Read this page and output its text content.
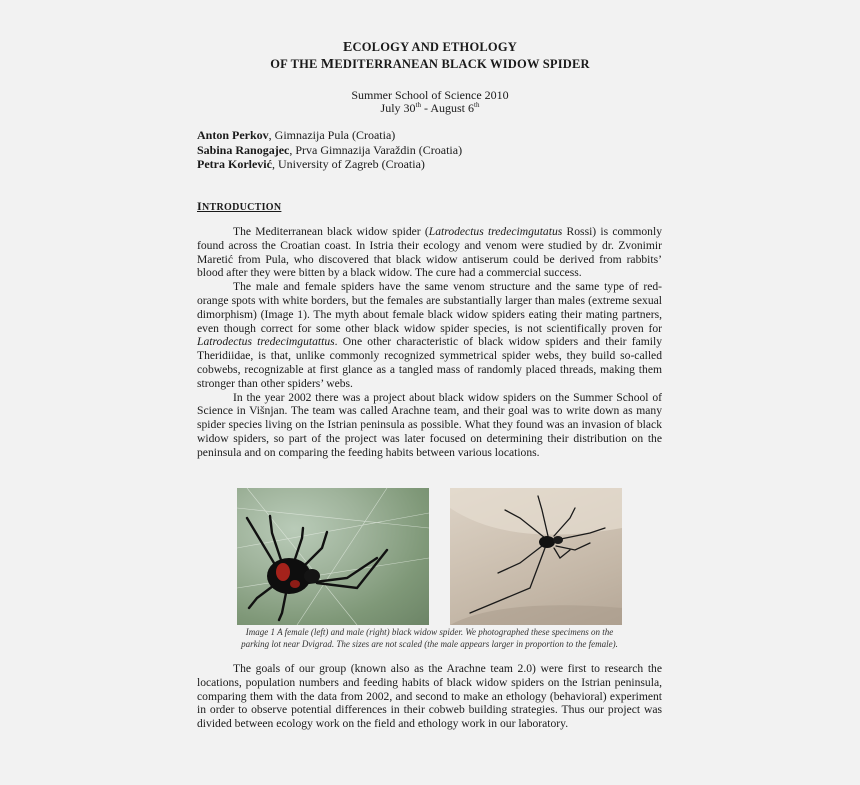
ECOLOGY AND ETHOLOGY
OF THE MEDITERRANEAN BLACK WIDOW SPIDER
Summer School of Science 2010
July 30th - August 6th
Anton Perkov, Gimnazija Pula (Croatia)
Sabina Ranogajec, Prva Gimnazija Varaždin (Croatia)
Petra Korlević, University of Zagreb (Croatia)
INTRODUCTION

The Mediterranean black widow spider (Latrodectus tredecimgutatus Rossi) is commonly found across the Croatian coast. In Istria their ecology and venom were studied by dr. Zvonimir Maretić from Pula, who discovered that black widow antiserum could be derived from rabbits’ blood after they were bitten by a black widow. The cure had a commercial success.

The male and female spiders have the same venom structure and the same type of red-orange spots with white borders, but the females are substantially larger than males (extreme sexual dimorphism) (Image 1). The myth about female black widow spiders eating their mating partners, even though correct for some other black widow spider species, is not scientifically proven for Latrodectus tredecimgutattus. One other characteristic of black widow spiders and their family Theridiidae, is that, unlike commonly recognized symmetrical spider webs, they build so-called cobwebs, recognizable at first glance as a tangled mass of randomly placed threads, making them stronger than other spiders’ webs.

In the year 2002 there was a project about black widow spiders on the Summer School of Science in Višnjan. The team was called Arachne team, and their goal was to write down as many spider species living on the Istrian peninsula as possible. What they found was an invasion of black widow spiders, so part of the project was later focused on determining their distribution on the peninsula and on comparing the feeding habits between various locations.

Image 1 A female (left) and male (right) black widow spider. We photographed these specimens on the
parking lot near Dvigrad. The sizes are not scaled (the male appears larger in proportion to the female).

The goals of our group (known also as the Arachne team 2.0) were first to research the locations, population numbers and feeding habits of black widow spiders on the Istrian peninsula, comparing them with the data from 2002, and second to make an ethology (behavioral) experiment in order to observe potential differences in their cobweb building strategies. Thus our project was divided between ecology work on the field and ethology work in our laboratory.
